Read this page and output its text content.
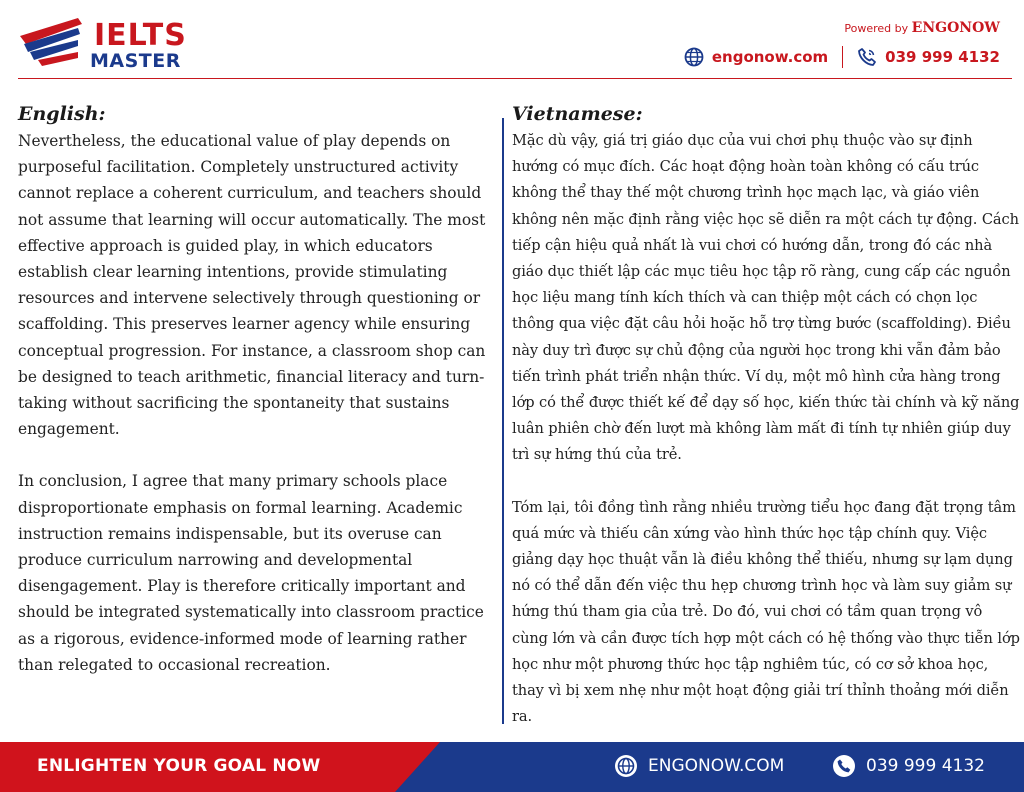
IELTS
MASTER
Powered by ENGONOW
engonow.com	039 999 4132
English:

Nevertheless, the educational value of play depends on purposeful facilitation. Completely unstructured activity cannot replace a coherent curriculum, and teachers should not assume that learning will occur automatically. The most effective approach is guided play, in which educators establish clear learning intentions, provide stimulating resources and intervene selectively through questioning or scaffolding. This preserves learner agency while ensuring conceptual progression. For instance, a classroom shop can be designed to teach arithmetic, financial literacy and turn-taking without sacrificing the spontaneity that sustains engagement.

In conclusion, I agree that many primary schools place disproportionate emphasis on formal learning. Academic instruction remains indispensable, but its overuse can produce curriculum narrowing and developmental disengagement. Play is therefore critically important and should be integrated systematically into classroom practice as a rigorous, evidence-informed mode of learning rather than relegated to occasional recreation.

Vietnamese:

Mặc dù vậy, giá trị giáo dục của vui chơi phụ thuộc vào sự định hướng có mục đích. Các hoạt động hoàn toàn không có cấu trúc không thể thay thế một chương trình học mạch lạc, và giáo viên không nên mặc định rằng việc học sẽ diễn ra một cách tự động. Cách tiếp cận hiệu quả nhất là vui chơi có hướng dẫn, trong đó các nhà giáo dục thiết lập các mục tiêu học tập rõ ràng, cung cấp các nguồn học liệu mang tính kích thích và can thiệp một cách có chọn lọc thông qua việc đặt câu hỏi hoặc hỗ trợ từng bước (scaffolding). Điều này duy trì được sự chủ động của người học trong khi vẫn đảm bảo tiến trình phát triển nhận thức. Ví dụ, một mô hình cửa hàng trong lớp có thể được thiết kế để dạy số học, kiến thức tài chính và kỹ năng luân phiên chờ đến lượt mà không làm mất đi tính tự nhiên giúp duy trì sự hứng thú của trẻ.

Tóm lại, tôi đồng tình rằng nhiều trường tiểu học đang đặt trọng tâm quá mức và thiếu cân xứng vào hình thức học tập chính quy. Việc giảng dạy học thuật vẫn là điều không thể thiếu, nhưng sự lạm dụng nó có thể dẫn đến việc thu hẹp chương trình học và làm suy giảm sự hứng thú tham gia của trẻ. Do đó, vui chơi có tầm quan trọng vô cùng lớn và cần được tích hợp một cách có hệ thống vào thực tiễn lớp học như một phương thức học tập nghiêm túc, có cơ sở khoa học, thay vì bị xem nhẹ như một hoạt động giải trí thỉnh thoảng mới diễn ra.

ENLIGHTEN YOUR GOAL NOW	ENGONOW.COM	039 999 4132
